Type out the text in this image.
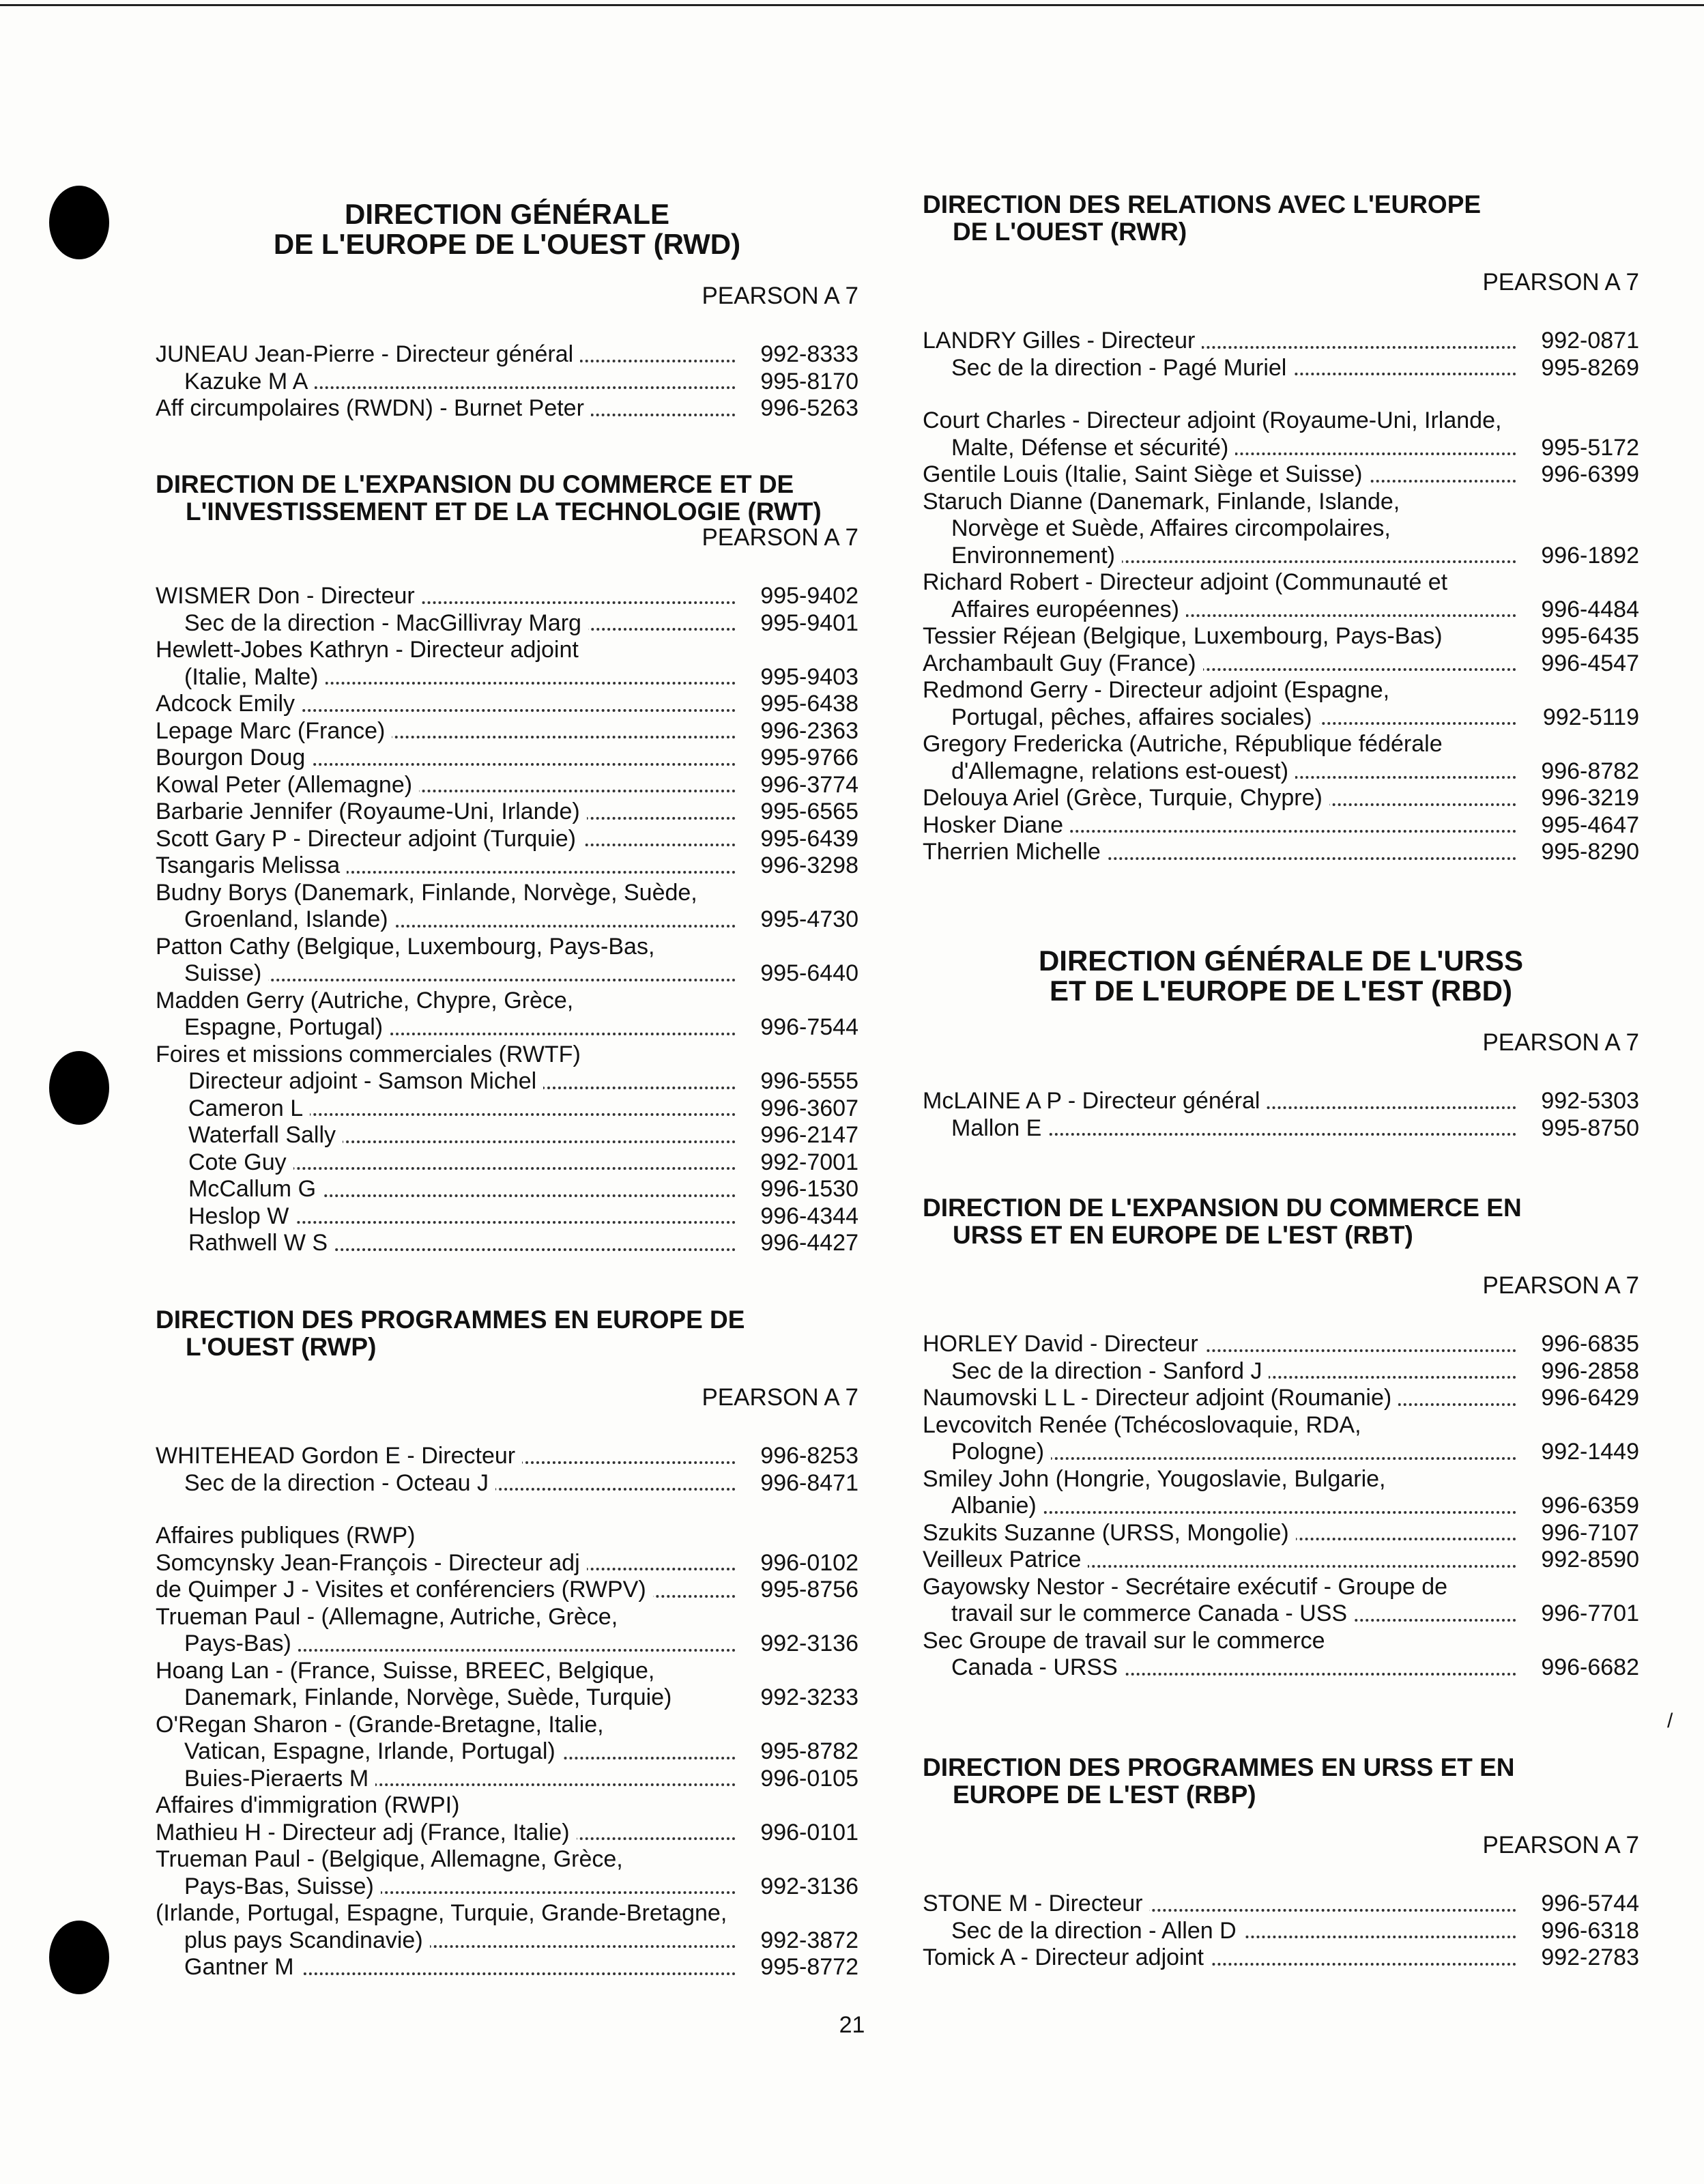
DIRECTION GÉNÉRALE
DE L'EUROPE DE L'OUEST (RWD)
PEARSON A 7
JUNEAU Jean-Pierre - Directeur général	992-8333
Kazuke M A	995-8170
Aff circumpolaires (RWDN) - Burnet Peter	996-5263
DIRECTION DE L'EXPANSION DU COMMERCE ET DE
L'INVESTISSEMENT ET DE LA TECHNOLOGIE (RWT)
PEARSON A 7
WISMER Don - Directeur	995-9402
Sec de la direction - MacGillivray Marg	995-9401
Hewlett-Jobes Kathryn - Directeur adjoint
(Italie, Malte)	995-9403
Adcock Emily	995-6438
Lepage Marc (France)	996-2363
Bourgon Doug	995-9766
Kowal Peter (Allemagne)	996-3774
Barbarie Jennifer (Royaume-Uni, Irlande)	995-6565
Scott Gary P - Directeur adjoint (Turquie)	995-6439
Tsangaris Melissa	996-3298
Budny Borys (Danemark, Finlande, Norvège, Suède,
Groenland, Islande)	995-4730
Patton Cathy (Belgique, Luxembourg, Pays-Bas,
Suisse)	995-6440
Madden Gerry (Autriche, Chypre, Grèce,
Espagne, Portugal)	996-7544
Foires et missions commerciales (RWTF)
Directeur adjoint - Samson Michel	996-5555
Cameron L	996-3607
Waterfall Sally	996-2147
Cote Guy	992-7001
McCallum G	996-1530
Heslop W	996-4344
Rathwell W S	996-4427
DIRECTION DES PROGRAMMES EN EUROPE DE
L'OUEST (RWP)
PEARSON A 7
WHITEHEAD Gordon E - Directeur	996-8253
Sec de la direction - Octeau J	996-8471
Affaires publiques (RWP)
Somcynsky Jean-François - Directeur adj	996-0102
de Quimper J - Visites et conférenciers (RWPV)	995-8756
Trueman Paul - (Allemagne, Autriche, Grèce,
Pays-Bas)	992-3136
Hoang Lan - (France, Suisse, BREEC, Belgique,
Danemark, Finlande, Norvège, Suède, Turquie)	992-3233
O'Regan Sharon - (Grande-Bretagne, Italie,
Vatican, Espagne, Irlande, Portugal)	995-8782
Buies-Pieraerts M	996-0105
Affaires d'immigration (RWPI)
Mathieu H - Directeur adj (France, Italie)	996-0101
Trueman Paul - (Belgique, Allemagne, Grèce,
Pays-Bas, Suisse)	992-3136
(Irlande, Portugal, Espagne, Turquie, Grande-Bretagne,
plus pays Scandinavie)	992-3872
Gantner M	995-8772
DIRECTION DES RELATIONS AVEC L'EUROPE
DE L'OUEST (RWR)
PEARSON A 7
LANDRY Gilles - Directeur	992-0871
Sec de la direction - Pagé Muriel	995-8269
Court Charles - Directeur adjoint (Royaume-Uni, Irlande,
Malte, Défense et sécurité)	995-5172
Gentile Louis (Italie, Saint Siège et Suisse)	996-6399
Staruch Dianne (Danemark, Finlande, Islande,
Norvège et Suède, Affaires circompolaires,
Environnement)	996-1892
Richard Robert - Directeur adjoint (Communauté et
Affaires européennes)	996-4484
Tessier Réjean (Belgique, Luxembourg, Pays-Bas)	995-6435
Archambault Guy (France)	996-4547
Redmond Gerry - Directeur adjoint (Espagne,
Portugal, pêches, affaires sociales)	992-5119
Gregory Fredericka (Autriche, République fédérale
d'Allemagne, relations est-ouest)	996-8782
Delouya Ariel (Grèce, Turquie, Chypre)	996-3219
Hosker Diane	995-4647
Therrien Michelle	995-8290
DIRECTION GÉNÉRALE DE L'URSS
ET DE L'EUROPE DE L'EST (RBD)
PEARSON A 7
McLAINE A P - Directeur général	992-5303
Mallon E	995-8750
DIRECTION DE L'EXPANSION DU COMMERCE EN
URSS ET EN EUROPE DE L'EST (RBT)
PEARSON A 7
HORLEY David - Directeur	996-6835
Sec de la direction - Sanford J	996-2858
Naumovski L L - Directeur adjoint (Roumanie)	996-6429
Levcovitch Renée (Tchécoslovaquie, RDA,
Pologne)	992-1449
Smiley John (Hongrie, Yougoslavie, Bulgarie,
Albanie)	996-6359
Szukits Suzanne (URSS, Mongolie)	996-7107
Veilleux Patrice	992-8590
Gayowsky Nestor - Secrétaire exécutif - Groupe de
travail sur le commerce Canada - USS	996-7701
Sec Groupe de travail sur le commerce
Canada - URSS	996-6682
DIRECTION DES PROGRAMMES EN URSS ET EN
EUROPE DE L'EST (RBP)
PEARSON A 7
STONE M - Directeur	996-5744
Sec de la direction - Allen D	996-6318
Tomick A - Directeur adjoint	992-2783
21
/
